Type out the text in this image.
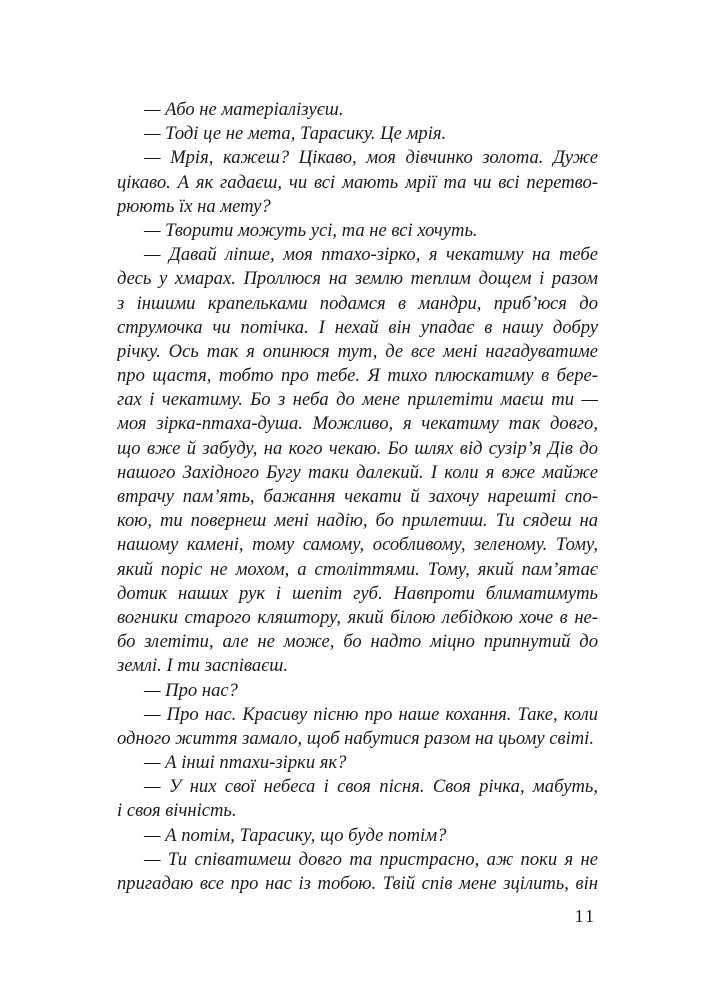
— Або не матеріалізуєш.
— Тоді це не мета, Тарасику. Це мрія.
— Мрія, кажеш? Цікаво, моя дівчинко золота. Дуже
цікаво. А як гадаєш, чи всі мають мрії та чи всі перетво-
рюють їх на мету?
— Творити можуть усі, та не всі хочуть.
— Давай ліпше, моя птахо-зірко, я чекатиму на тебе
десь у хмарах. Проллюся на землю теплим дощем і разом
з іншими крапельками подамся в мандри, приб’юся до
струмочка чи потічка. І нехай він упадає в нашу добру
річку. Ось так я опинюся тут, де все мені нагадуватиме
про щастя, тобто про тебе. Я тихо плюскатиму в бере-
гах і чекатиму. Бо з неба до мене прилетіти маєш ти —
моя зірка-птаха-душа. Можливо, я чекатиму так довго,
що вже й забуду, на кого чекаю. Бо шлях від сузір’я Дів до
нашого Західного Бугу таки далекий. І коли я вже майже
втрачу пам’ять, бажання чекати й захочу нарешті спо-
кою, ти повернеш мені надію, бо прилетиш. Ти сядеш на
нашому камені, тому самому, особливому, зеленому. Тому,
який поріс не мохом, а століттями. Тому, який пам’ятає
дотик наших рук і шепіт губ. Навпроти блиматимуть
вогники старого кляштору, який білою лебідкою хоче в не-
бо злетіти, але не може, бо надто міцно припнутий до
землі. І ти заспіваєш.
— Про нас?
— Про нас. Красиву пісню про наше кохання. Таке, коли
одного життя замало, щоб набутися разом на цьому світі.
— А інші птахи-зірки як?
— У них свої небеса і своя пісня. Своя річка, мабуть,
і своя вічність.
— А потім, Тарасику, що буде потім?
— Ти співатимеш довго та пристрасно, аж поки я не
пригадаю все про нас із тобою. Твій спів мене зцілить, він
11
